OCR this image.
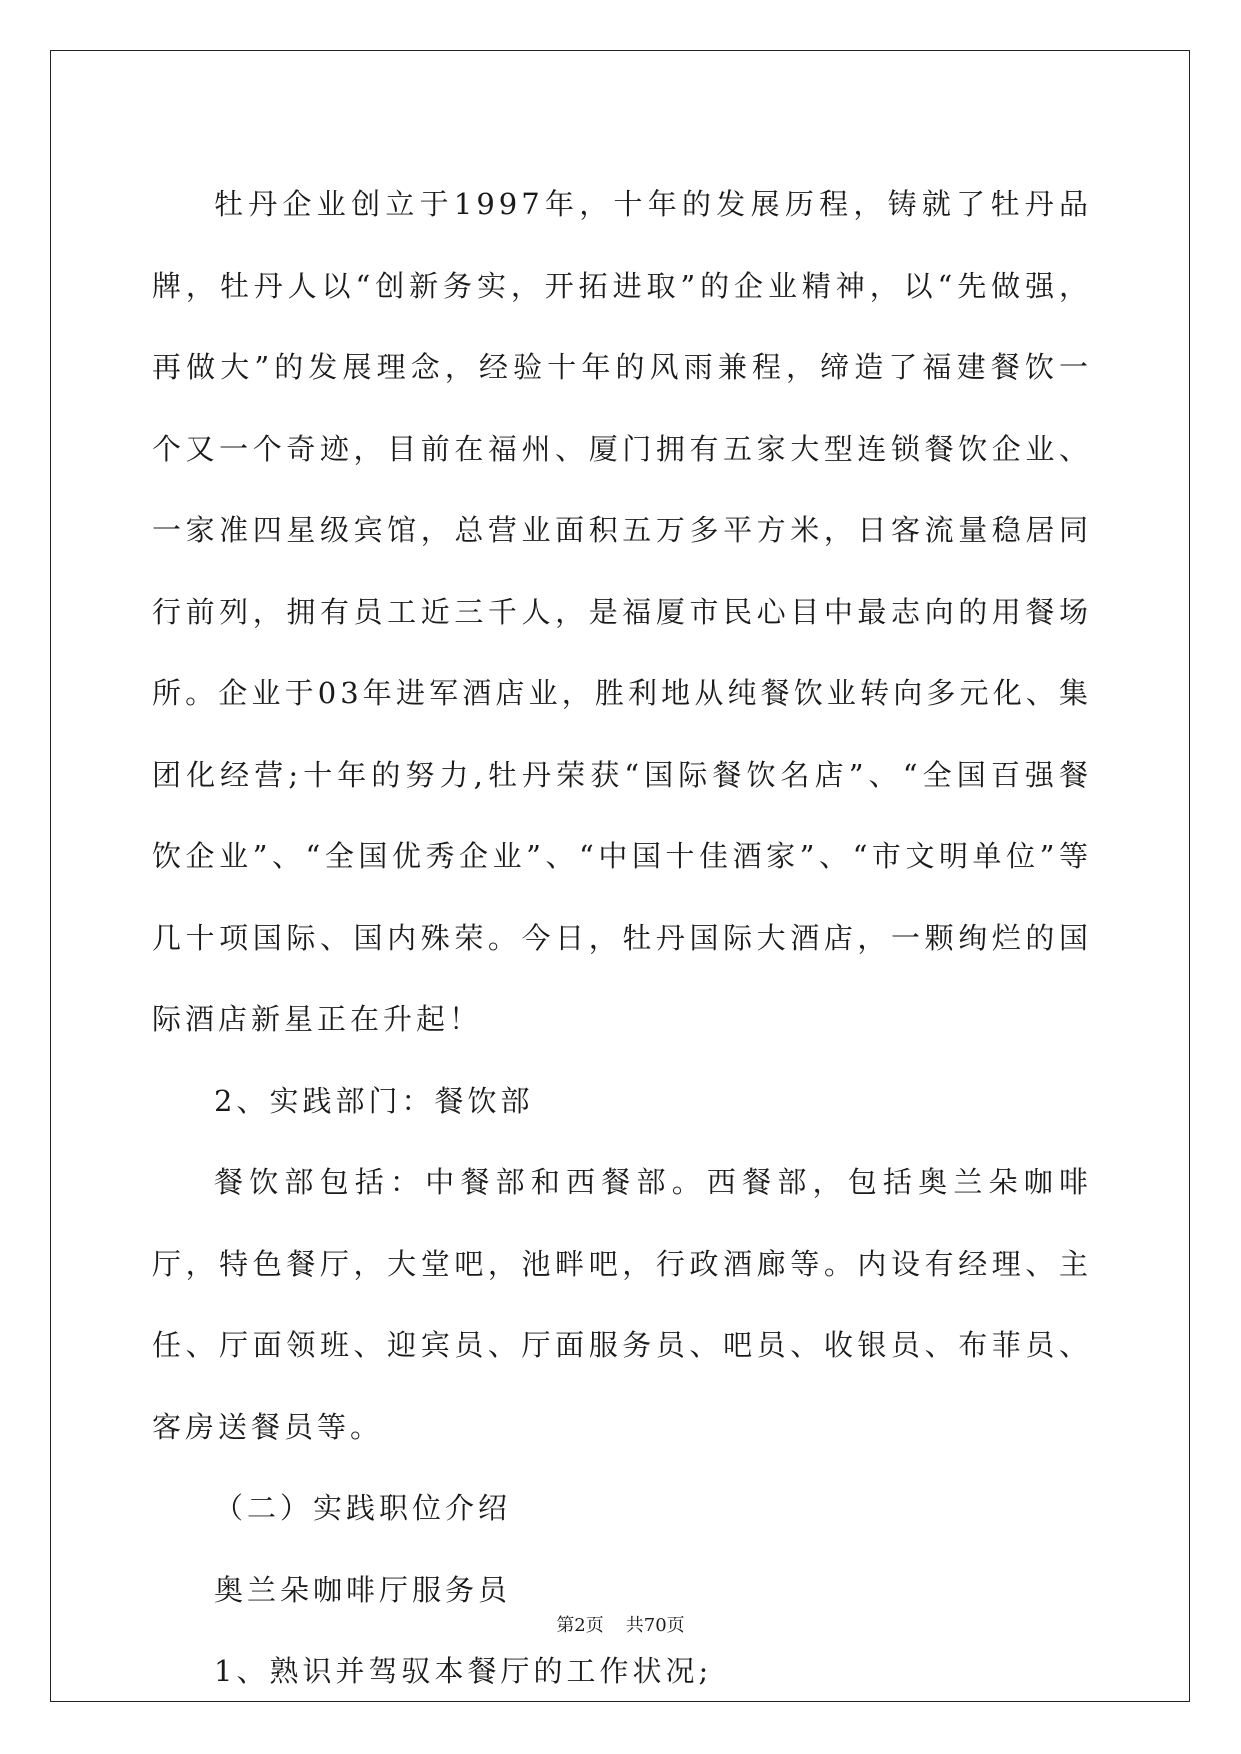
牡丹企业创立于1997年，十年的发展历程，铸就了牡丹品牌，牡丹人以“创新务实，开拓进取”的企业精神，以“先做强，再做大”的发展理念，经验十年的风雨兼程，缔造了福建餐饮一个又一个奇迹，目前在福州、厦门拥有五家大型连锁餐饮企业、一家准四星级宾馆，总营业面积五万多平方米，日客流量稳居同行前列，拥有员工近三千人，是福厦市民心目中最志向的用餐场所。企业于03年进军酒店业，胜利地从纯餐饮业转向多元化、集团化经营;十年的努力,牡丹荣获“国际餐饮名店”、“全国百强餐饮企业”、“全国优秀企业”、“中国十佳酒家”、“市文明单位”等几十项国际、国内殊荣。今日，牡丹国际大酒店，一颗绚烂的国际酒店新星正在升起！

2、实践部门：餐饮部

餐饮部包括：中餐部和西餐部。西餐部，包括奥兰朵咖啡厅，特色餐厅，大堂吧，池畔吧，行政酒廊等。内设有经理、主任、厅面领班、迎宾员、厅面服务员、吧员、收银员、布菲员、客房送餐员等。

（二）实践职位介绍

奥兰朵咖啡厅服务员

1、熟识并驾驭本餐厅的工作状况;

第2页 共70页
